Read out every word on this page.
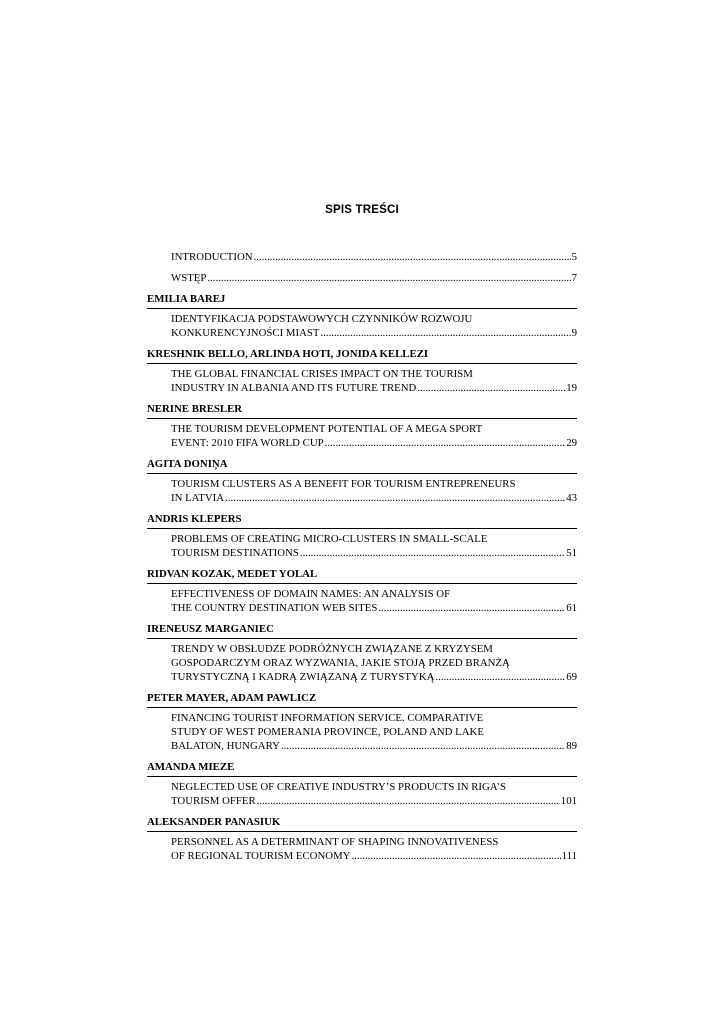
SPIS TREŚCI
INTRODUCTION .....	5
WSTĘP .....	7
EMILIA BAREJ
IDENTYFIKACJA PODSTAWOWYCH CZYNNIKÓW ROZWOJU
KONKURENCYJNOŚCI MIAST .....	9
KRESHNIK BELLO, ARLINDA HOTI, JONIDA KELLEZI
THE GLOBAL FINANCIAL CRISES IMPACT ON THE TOURISM
INDUSTRY IN ALBANIA AND ITS FUTURE TREND .....	19
NERINE BRESLER
THE TOURISM DEVELOPMENT POTENTIAL OF A MEGA SPORT
EVENT: 2010 FIFA WORLD CUP .....	29
AGITA DONIŅA
TOURISM CLUSTERS AS A BENEFIT FOR TOURISM ENTREPRENEURS
IN LATVIA .....	43
ANDRIS KLEPERS
PROBLEMS OF CREATING MICRO-CLUSTERS IN SMALL-SCALE
TOURISM DESTINATIONS .....	51
RIDVAN KOZAK, MEDET YOLAL
EFFECTIVENESS OF DOMAIN NAMES: AN ANALYSIS OF
THE COUNTRY DESTINATION WEB SITES .....	61
IRENEUSZ MARGANIEC
TRENDY W OBSŁUDZE PODRÓŻNYCH ZWIĄZANE Z KRYZYSEM
GOSPODARCZYM ORAZ WYZWANIA, JAKIE STOJĄ PRZED BRANŻĄ
TURYSTYCZNĄ I KADRĄ ZWIĄZANĄ Z TURYSTYKĄ .....	69
PETER MAYER, ADAM PAWLICZ
FINANCING TOURIST INFORMATION SERVICE. COMPARATIVE
STUDY OF WEST POMERANIA PROVINCE, POLAND AND LAKE
BALATON, HUNGARY .....	89
AMANDA MIEZE
NEGLECTED USE OF CREATIVE INDUSTRY’S PRODUCTS IN RIGA’S
TOURISM OFFER .....	101
ALEKSANDER PANASIUK
PERSONNEL AS A DETERMINANT OF SHAPING INNOVATIVENESS
OF REGIONAL TOURISM ECONOMY .....	111
